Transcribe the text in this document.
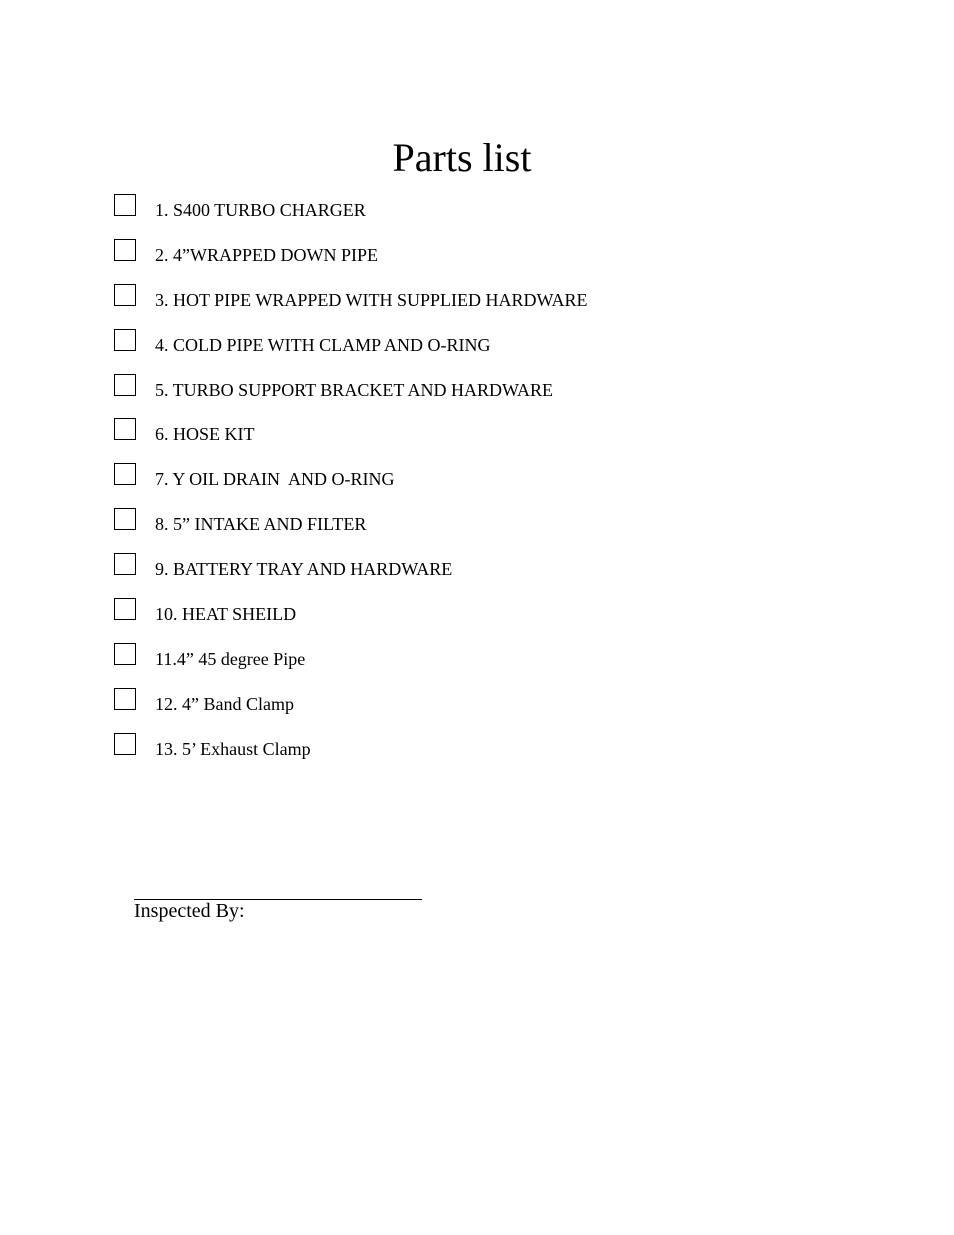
Parts list
1. S400 TURBO CHARGER
2. 4”WRAPPED DOWN PIPE
3. HOT PIPE WRAPPED WITH SUPPLIED HARDWARE
4. COLD PIPE WITH CLAMP AND O-RING
5. TURBO SUPPORT BRACKET AND HARDWARE
6. HOSE KIT
7. Y OIL DRAIN  AND O-RING
8. 5” INTAKE AND FILTER
9. BATTERY TRAY AND HARDWARE
10. HEAT SHEILD
11.4” 45 degree Pipe
12. 4” Band Clamp
13. 5’ Exhaust Clamp
Inspected By:
